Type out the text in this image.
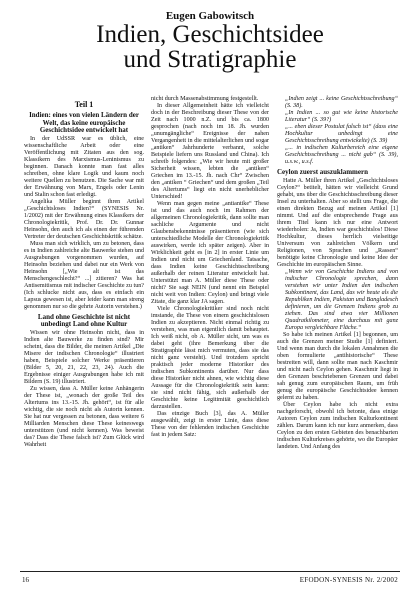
Eugen Gabowitsch
Indien, Geschichtsidee
und Stratigraphie
Teil 1
Indien: eines von vielen Ländern der Welt, das keine europäische Geschichtsidee entwickelt hat

In der UdSSR war es üblich, eine wissenschaftliche Arbeit oder eine Veröffentlichung mit Zitaten aus den sog. Klassikern des Marxismus-Leninismus zu beginnen. Danach konnte man fast alles schreiben, ohne klare Logik und kaum noch weitere Quellen zu benutzen. Die Sache war mit der Erwähnung von Marx, Engels oder Lenin und Stalin schon fast erledigt.

Angelika Müller beginnt ihren Artikel „Geschichtsloses Indien?“ (SYNESIS Nr. 1/2002) mit der Erwähnung eines Klassikers der Chronologiekritik, Prof. Dr. Dr. Gunnar Heinsohn, den auch ich als einen der führenden Vertreter der deutschen Geschichtskritik schätze.

Muss man sich wirklich, um zu betonen, dass es in Indien zahlreiche alte Bauwerke stehen und Ausgrabungen vorgenommen wurden, auf Heinsohn beziehen und dabei nur ein Werk von Heinsohn [„Wie alt ist das Menschengeschlecht?“ ...] zitieren? Was hat Antisemitismus mit indischer Geschichte zu tun? (Ich schlucke nicht aus, dass es einfach ein Lapsus gewesen ist, aber leider kann man streng genommen nur so die gehrte Autorin verstehen.)

Land ohne Geschichte ist nicht unbedingt Land ohne Kultur

Wissen wir ohne Heinsohn nicht, dass in Indien alte Bauwerke zu finden sind? Mir scheint, dass die Bilder, die meinen Artikel „Die Misere der indischen Chronologie“ illustriert haben, Beispiele solcher Werke präsentieren (Bilder 5, 20, 21, 22, 23, 24). Auch die Ergebnisse einiger Ausgrabungen habe ich mit Bildern (S. 19) illustriert.

Zu wissen, dass A. Müller keine Anhängerin der These ist, „wonach der große Teil des Altertums ins 13.-15. Jh. gehört“, ist für alle wichtig, die sie noch nicht als Autorin kennen. Sie hat nur vergessen zu betonen, dass weitere 6 Milliarden Menschen diese These keineswegs unterstützen (und nicht kennen). Was beweist das? Dass die These falsch ist? Zum Glück wird Wahrheit

nicht durch Massenabstimmung festgestellt.

In dieser Allgemeinheit hätte ich vielleicht doch in der Beschreibung dieser These von der Zeit nach 1000 n.Z. und bis ca. 1800 gesprochen (nach noch im 18. Jh. wurden „unumgängliche“ Ereignisse der nahen Vergangenheit in die mittelalterlichen und sogar „antiken“ Jahrhunderte verbannt, solche Beispiele liefern uns Russland und China). Ich schreib folgendes: „Wie wir heute mit großer Sicherheit wissen, lebten die „antiken“ Griechen im 13.-15. Jh. nach Chr“ Zwischen den „antiken “ Griechen“ und dem großen „Teil des Altertums“ liegt ein nicht unerheblicher Unterschied!

Wenn man gegen meine „antiantike“ These ist und das auch noch im Rahmen der allgemeinen Chronologiekritik, dann sollte man sachliche Argumente und nicht Glaubensbekenntnisse präsentieren (wie sich unterschiedliche Modelle der Chronologiekritik auswirken, werde ich später zeigen). Aber in Wirklichkeit geht es [in 2] in erster Linie um Indien und nicht um Griechenland. Tatsache, dass Indien keine Geschichtsschreibung außerhalb der reinen Literatur entwickelt hat. Unterstützt man A. Müller diese These oder nicht? Sie sagt NEIN (und nennt ein Beispiel nicht weit von Indien: Ceylon) und bringt viele Zitate, die ganz klar JA sagen.

Viele Chronologiekritiker sind noch nicht imstande, die These von einem geschichtslosen Indien zu akzeptieren. Nicht einmal richtig zu verstehen, was man eigentlich damit behauptet. Ich weiß nicht, ob A. Müller sicht, um was es dabei geht (ihre Bemerkung über die Stratigraphie lässt mich vermuten, dass sie das nicht ganz versteht). Und trotzdem spricht praktisch jeder moderne Historiker des indischen Subkontinents darüber. Nur dass diese Historiker nicht ahnen, wie wichtig diese Aussage für die Chronologiekritik sein kann: sie sind nicht fähig, sich außerhalb der Geschichte keine Legitimität geschichtlich darzustellen.

Das einzige Buch [3], das A. Müller ausgewählt, zeigt in erster Linie, dass diese These von der fehlenden indischen Geschichte fast in jedem Satz:

„Indien zeigt ... keine Geschichtsschreibung“ (S. 38).

„In Indien ... so gut wie keine historische Literatur“ (S. 39?)

„... eben dieser Postulat falsch ist“ (dass eine Hochkultur unbedingt eine Geschichtsschreibung entwickelte) (S. 39)

„... in indischen Kulturbereich eine eigene Geschichtsschreibung ... nicht gab“ (S. 39), u.s.w., u.s.f.

Ceylon zuerst auszuklammern

Hatte A. Müller ihren Artikel „Geschichtsloses Ceylon?“ betitelt, hätten wir vielleicht Grund gehabt, uns über die Geschichtsschreibung dieser Insel zu unterhalten. Aber so stellt uns Frage, die einen direkten Bezug auf meinen Artikel [1] nimmt. Und auf die entsprechende Frage aus ihrem Titel kann ich nur eine Antwort wiederholen: Ja, Indien war geschichtslos! Diese Hochkultur, dieses herrlich vielseitige Universum von zahlreichen Völkern und Religionen, von Sprachen und „Rassen“ benötigte keine Chronologie und keine Idee der Geschichte im europäischen Sinne.

„Wenn wir von Geschichte Indiens und von indischer Chronologie sprechen, dann verstehen wir unter Indien den indischen Subkontinent, das Land, das wir heute als die Republiken Indien, Pakistan und Bangladesch definieren, um die Grenzen Indiens grob zu ziehen. Das sind etwa vier Millionen Quadratkilometer, eine durchaus mit ganz Europa vergleichbare Fläche.“

So habe ich meinen Artikel [1] begonnen, um auch die Grenzen meiner Studie [1] definiert. Und wenn man durch die lokalen Annahmen die oben formulierte „antihistorische“ These bestreiten will, dann sollte man nach Kaschmir und nicht nach Ceylon gehen. Kaschmir liegt in den Grenzen beschriebenen Grenzen und dabei sah genug zum europäischen Raum, um früh genug die europäische Geschichtsidee kennen gelernt zu haben.

Über Ceylon habe ich nicht extra nachgeforscht, obwohl ich betonte, dass einige Autoren Ceylon zum indischen Kulturkontinent zählen. Darum kann ich nur kurz anmerken, dass Ceylon zu den ersten Gebieten des benachbarten indischen Kulturkreises gehörte, wo die Europäer landeten. Und Anfang des

16	EFODON-SYNESIS Nr. 2/2002
